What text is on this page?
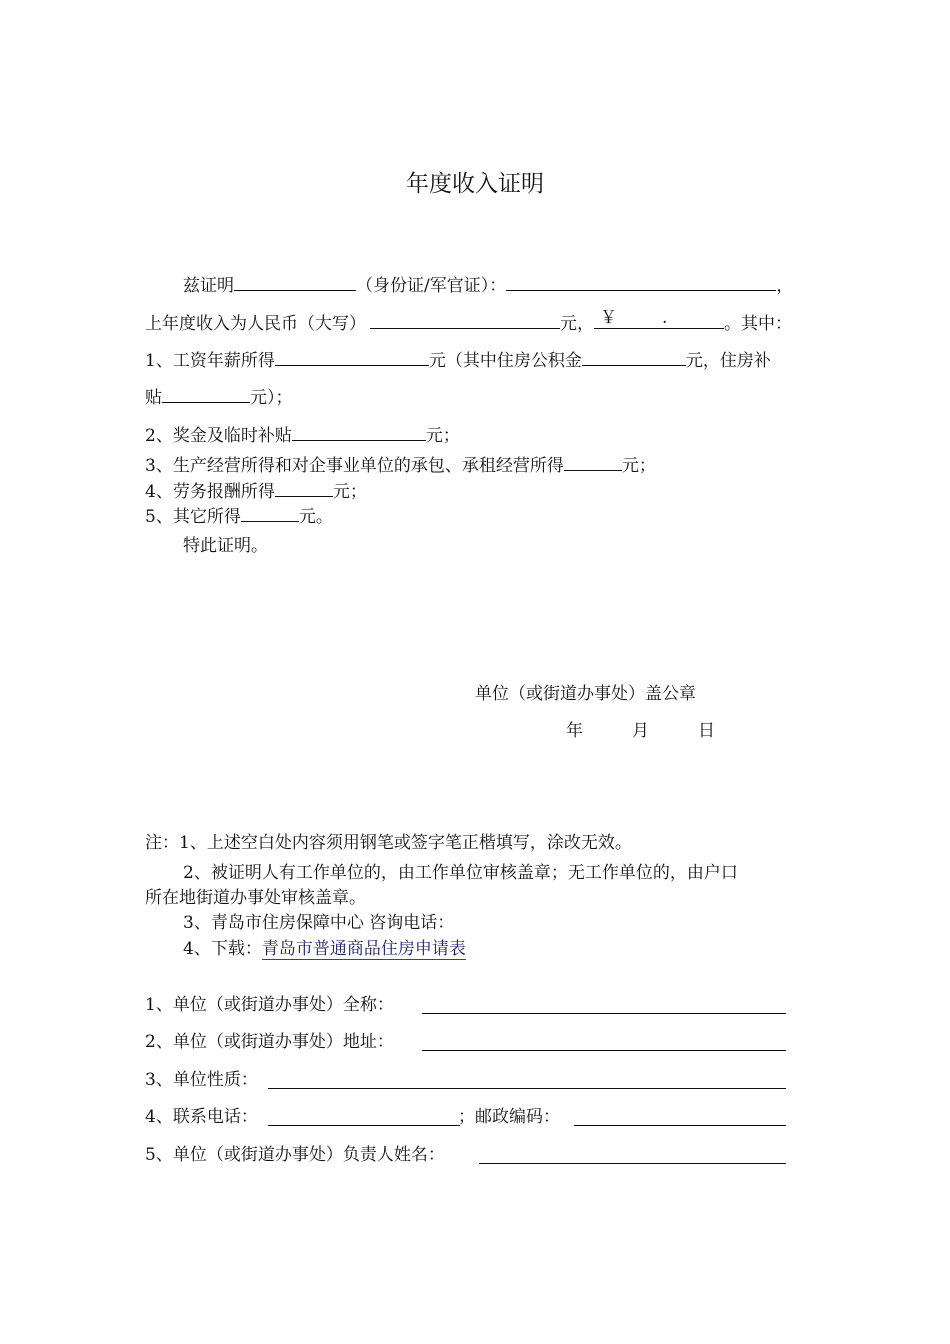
年度收入证明
兹证明	（身份证/军官证）：	，
上年度收入为人民币（大写）	元， ￥	.	。其中：
1、工资年薪所得	元（其中住房公积金	元，住房补
贴	元）；
2、奖金及临时补贴	元；
3、生产经营所得和对企事业单位的承包、承租经营所得	元；
4、劳务报酬所得	元；
5、其它所得	元。
特此证明。
单位（或街道办事处）盖公章
年	月	日
注：1、上述空白处内容须用钢笔或签字笔正楷填写，涂改无效。
2、被证明人有工作单位的，由工作单位审核盖章；无工作单位的，由户口
所在地街道办事处审核盖章。
3、青岛市住房保障中心 咨询电话：
4、下载：青岛市普通商品住房申请表
1、单位（或街道办事处）全称：
2、单位（或街道办事处）地址：
3、单位性质：
4、联系电话：	；邮政编码：
5、单位（或街道办事处）负责人姓名：
